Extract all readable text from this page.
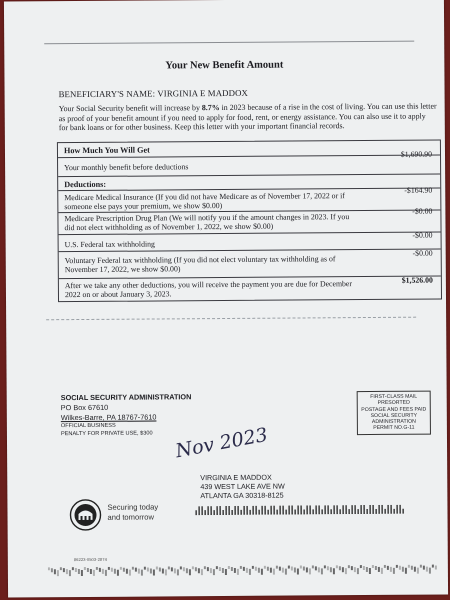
Your New Benefit Amount
BENEFICIARY'S NAME: VIRGINIA E MADDOX
Your Social Security benefit will increase by 8.7% in 2023 because of a rise in the cost of living. You can use this letter as proof of your benefit amount if you need to apply for food, rent, or energy assistance. You can also use it to apply for bank loans or for other business. Keep this letter with your important financial records.
How Much You Will Get	$1,690.90
Your monthly benefit before deductions
Deductions:
Medicare Medical Insurance (If you did not have Medicare as of November 17, 2022 or if someone else pays your premium, we show $0.00)
-$164.90
Medicare Prescription Drug Plan (We will notify you if the amount changes in 2023. If you did not elect withholding as of November 1, 2022, we show $0.00)
-$0.00
U.S. Federal tax withholding
-$0.00
Voluntary Federal tax withholding (If you did not elect voluntary tax withholding as of November 17, 2022, we show $0.00)
-$0.00
After we take any other deductions, you will receive the payment you are due for December 2022 on or about January 3, 2023.
$1,526.00
SOCIAL SECURITY ADMINISTRATION
PO Box 67610
Wilkes-Barre, PA 18767-7610
OFFICIAL BUSINESS
PENALTY FOR PRIVATE USE, $300
FIRST-CLASS MAIL
PRESORTED
POSTAGE AND FEES PAID
SOCIAL SECURITY
ADMINISTRATION
PERMIT NO.G-11
Nov 2023
VIRGINIA E MADDOX
439 WEST LAKE AVE NW
ATLANTA GA 30318-8125
Securing today
and tomorrow
86223-0503-2874
